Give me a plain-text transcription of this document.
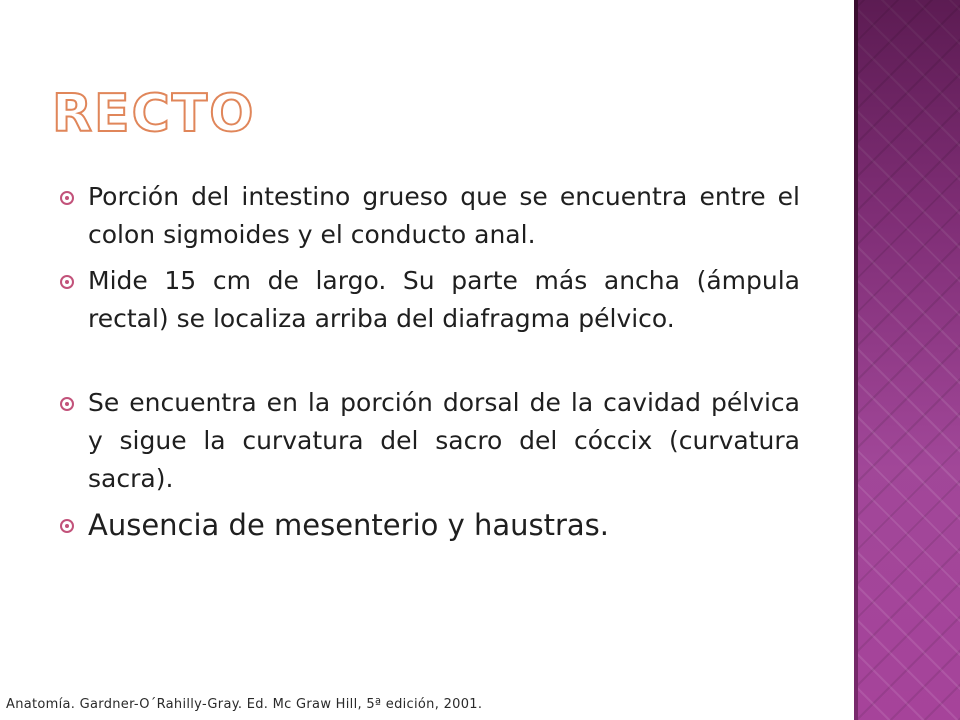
RECTO
Porción del intestino grueso que se encuentra entre el colon sigmoides y el conducto anal.
Mide 15 cm de largo. Su parte más ancha (ámpula rectal) se localiza arriba del diafragma pélvico.
Se encuentra en la porción dorsal de la cavidad pélvica y sigue la curvatura del sacro del cóccix (curvatura sacra).
Ausencia de mesenterio y haustras.
Anatomía. Gardner-O´Rahilly-Gray. Ed. Mc Graw Hill, 5ª edición, 2001.
